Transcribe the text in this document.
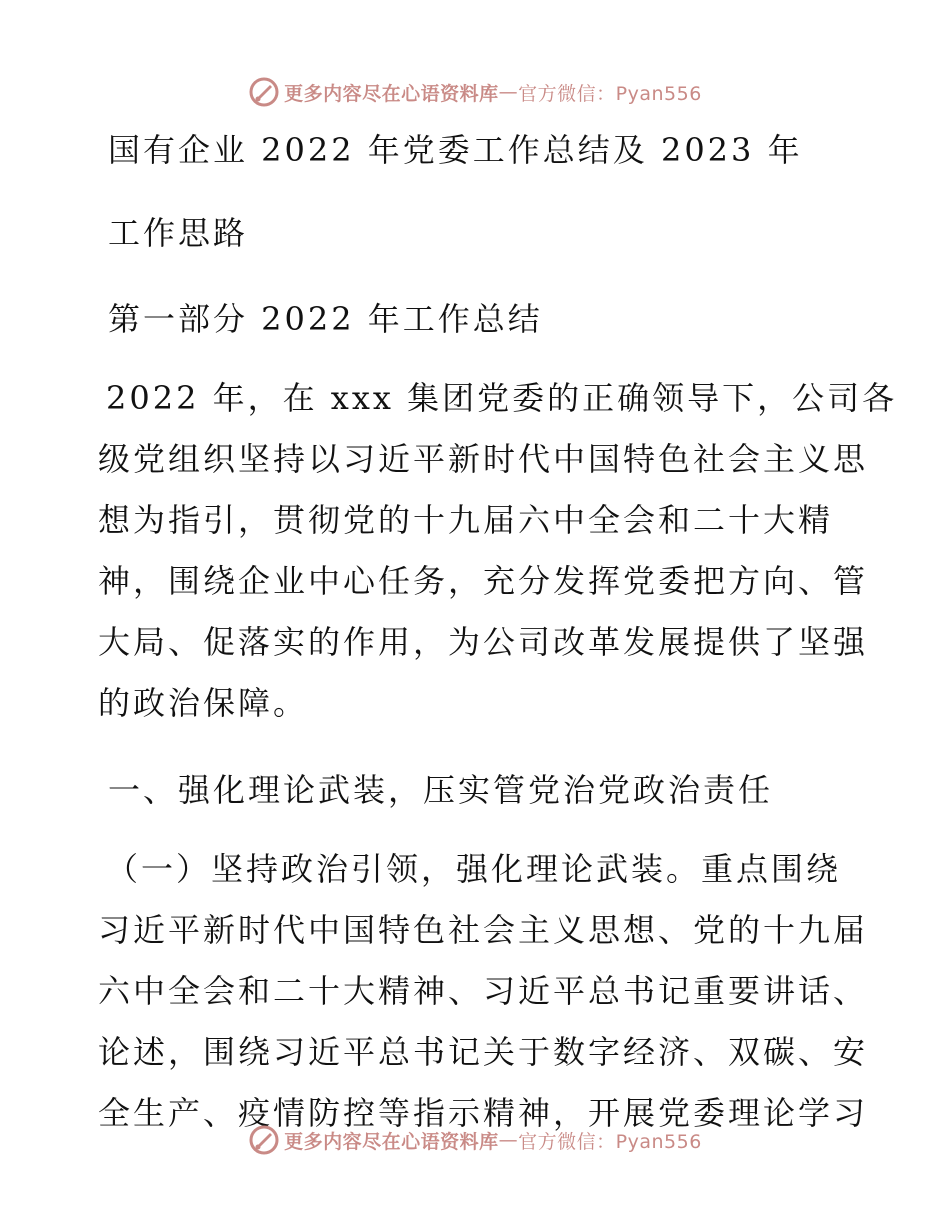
更多内容尽在心语资料库 — 官方微信：Pyan556
国有企业 2022 年党委工作总结及 2023 年
工作思路
第一部分 2022 年工作总结
2022 年，在 xxx 集团党委的正确领导下，公司各
级党组织坚持以习近平新时代中国特色社会主义思
想为指引，贯彻党的十九届六中全会和二十大精
神，围绕企业中心任务，充分发挥党委把方向、管
大局、促落实的作用，为公司改革发展提供了坚强
的政治保障。
一、强化理论武装，压实管党治党政治责任
（一）坚持政治引领，强化理论武装。重点围绕
习近平新时代中国特色社会主义思想、党的十九届
六中全会和二十大精神、习近平总书记重要讲话、
论述，围绕习近平总书记关于数字经济、双碳、安
全生产、疫情防控等指示精神，开展党委理论学习
更多内容尽在心语资料库 — 官方微信：Pyan556
